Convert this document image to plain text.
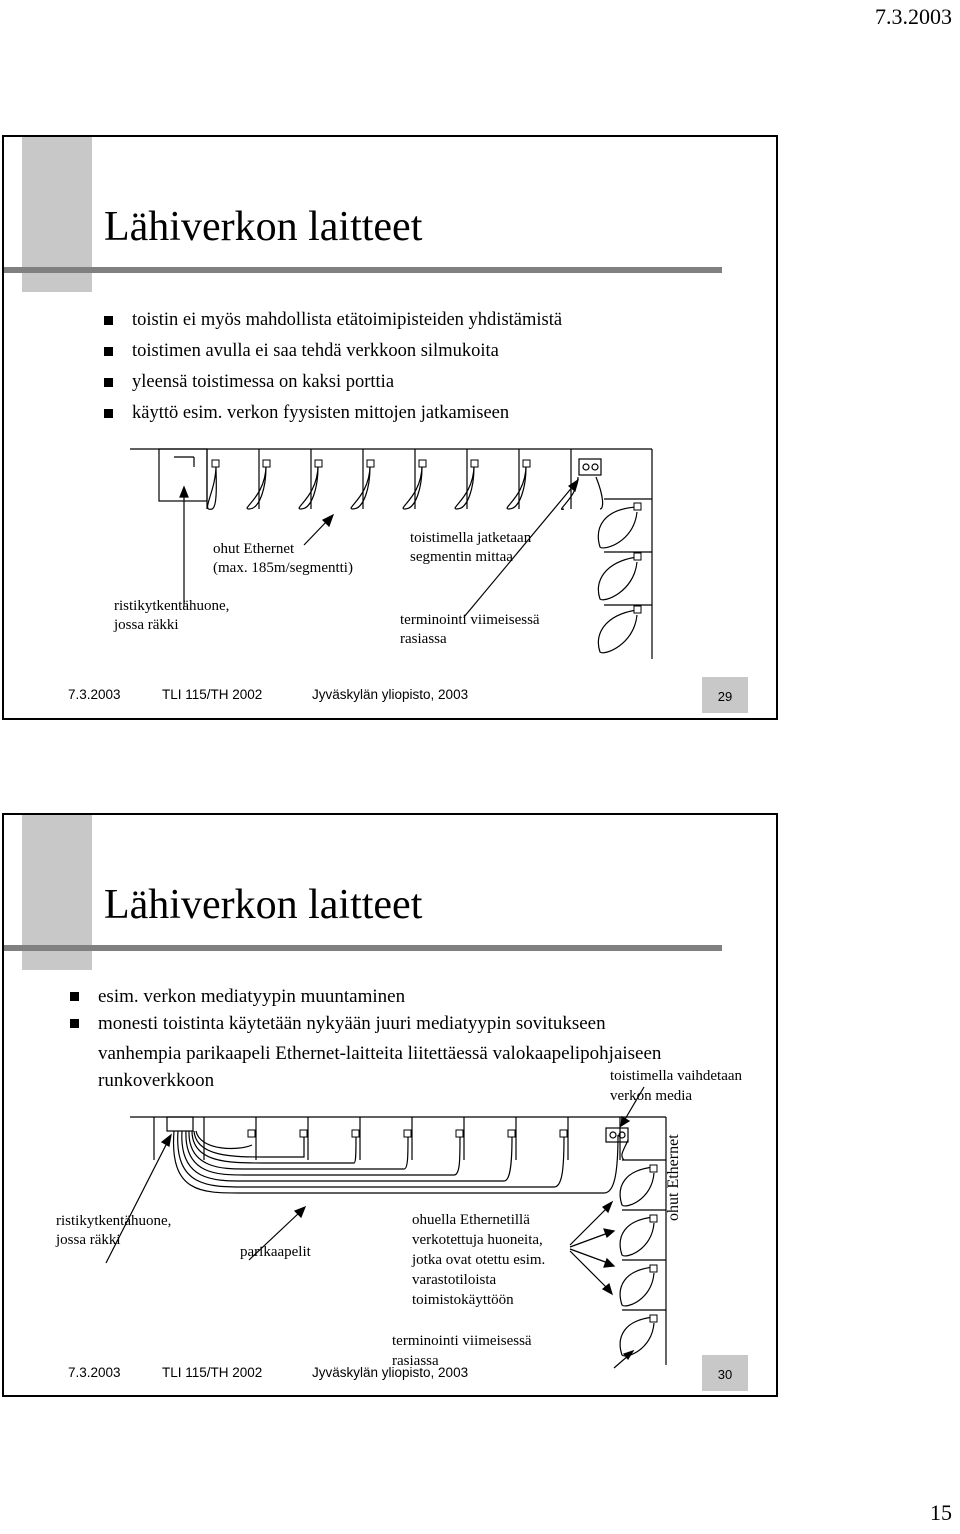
7.3.2003
Lähiverkon laitteet
toistin ei myös mahdollista etätoimipisteiden yhdistämistä
toistimen avulla ei saa tehdä verkkoon silmukoita
yleensä toistimessa on kaksi porttia
käyttö esim. verkon fyysisten mittojen jatkamiseen
ohut Ethernet
(max. 185m/segmentti)
toistimella jatketaan
segmentin mittaa
ristikytkentähuone,
jossa räkki	terminointi viimeisessä
rasiassa
7.3.2003	TLI 115/TH 2002	Jyväskylän yliopisto, 2003	29
Lähiverkon laitteet
esim. verkon mediatyypin muuntaminen
monesti toistinta käytetään nykyään juuri mediatyypin sovitukseen
vanhempia parikaapeli Ethernet-laitteita liitettäessä valokaapelipohjaiseen
runkoverkkoon	toistimella vaihdetaan
verkon media
ohut Ethernet
ristikytkentähuone,
jossa räkki
parikaapelit
ohuella Ethernetillä
verkotettuja huoneita,
jotka ovat otettu esim.
varastotiloista
toimistokäyttöön
terminointi viimeisessä
rasiassa
7.3.2003	TLI 115/TH 2002	Jyväskylän yliopisto, 2003	30
15
